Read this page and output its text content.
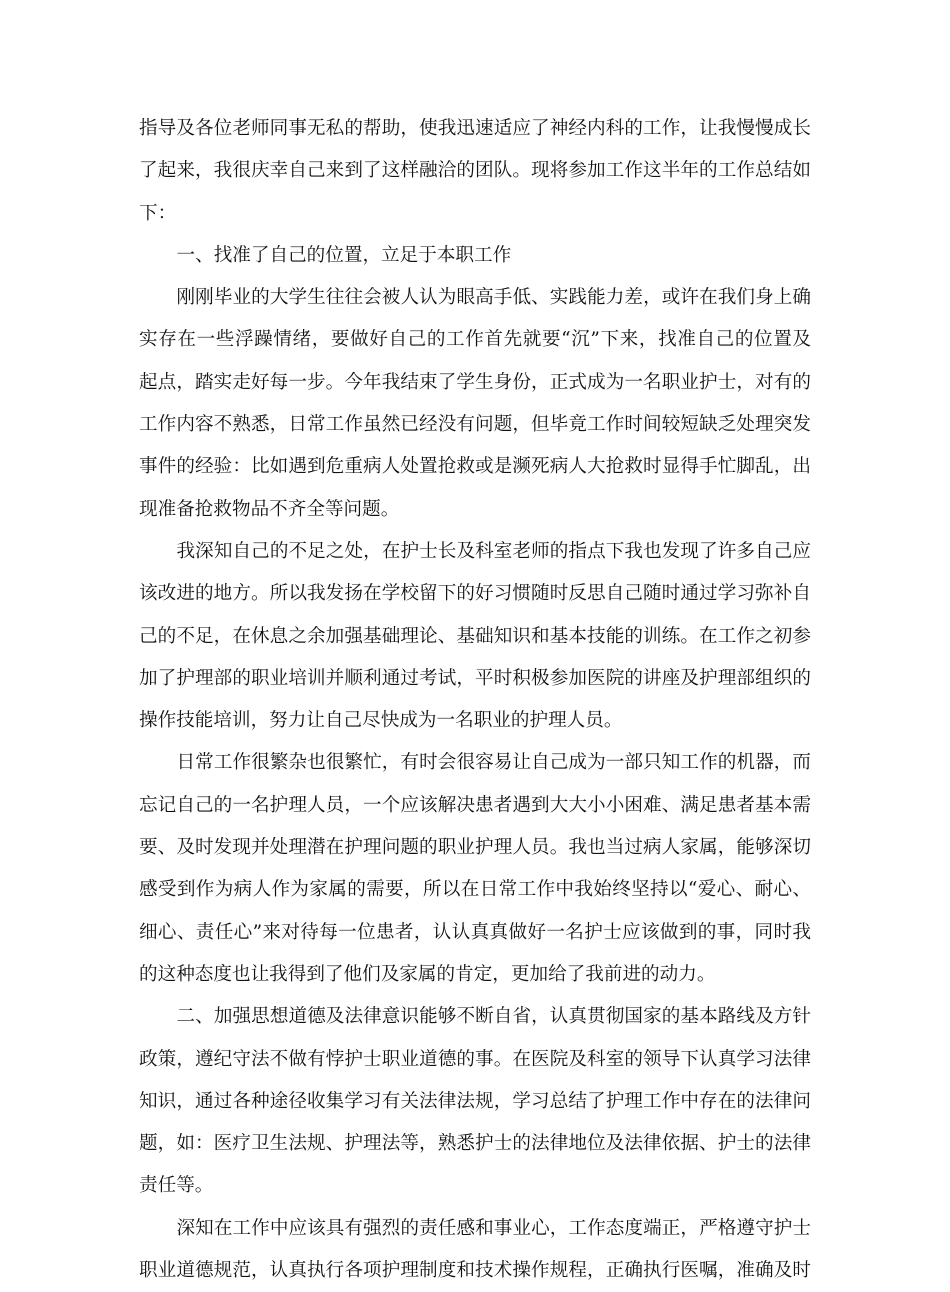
指导及各位老师同事无私的帮助，使我迅速适应了神经内科的工作，让我慢慢成长
了起来，我很庆幸自己来到了这样融洽的团队。现将参加工作这半年的工作总结如
下：
一、找准了自己的位置，立足于本职工作
刚刚毕业的大学生往往会被人认为眼高手低、实践能力差，或许在我们身上确
实存在一些浮躁情绪，要做好自己的工作首先就要“沉”下来，找准自己的位置及
起点，踏实走好每一步。今年我结束了学生身份，正式成为一名职业护士，对有的
工作内容不熟悉，日常工作虽然已经没有问题，但毕竟工作时间较短缺乏处理突发
事件的经验：比如遇到危重病人处置抢救或是濒死病人大抢救时显得手忙脚乱，出
现准备抢救物品不齐全等问题。
我深知自己的不足之处，在护士长及科室老师的指点下我也发现了许多自己应
该改进的地方。所以我发扬在学校留下的好习惯随时反思自己随时通过学习弥补自
己的不足，在休息之余加强基础理论、基础知识和基本技能的训练。在工作之初参
加了护理部的职业培训并顺利通过考试，平时积极参加医院的讲座及护理部组织的
操作技能培训，努力让自己尽快成为一名职业的护理人员。
日常工作很繁杂也很繁忙，有时会很容易让自己成为一部只知工作的机器，而
忘记自己的一名护理人员，一个应该解决患者遇到大大小小困难、满足患者基本需
要、及时发现并处理潜在护理问题的职业护理人员。我也当过病人家属，能够深切
感受到作为病人作为家属的需要，所以在日常工作中我始终坚持以“爱心、耐心、
细心、责任心”来对待每一位患者，认认真真做好一名护士应该做到的事，同时我
的这种态度也让我得到了他们及家属的肯定，更加给了我前进的动力。
二、加强思想道德及法律意识能够不断自省，认真贯彻国家的基本路线及方针
政策，遵纪守法不做有悖护士职业道德的事。在医院及科室的领导下认真学习法律
知识，通过各种途径收集学习有关法律法规，学习总结了护理工作中存在的法律问
题，如：医疗卫生法规、护理法等，熟悉护士的法律地位及法律依据、护士的法律
责任等。
深知在工作中应该具有强烈的责任感和事业心，工作态度端正，严格遵守护士
职业道德规范，认真执行各项护理制度和技术操作规程，正确执行医嘱，准确及时
